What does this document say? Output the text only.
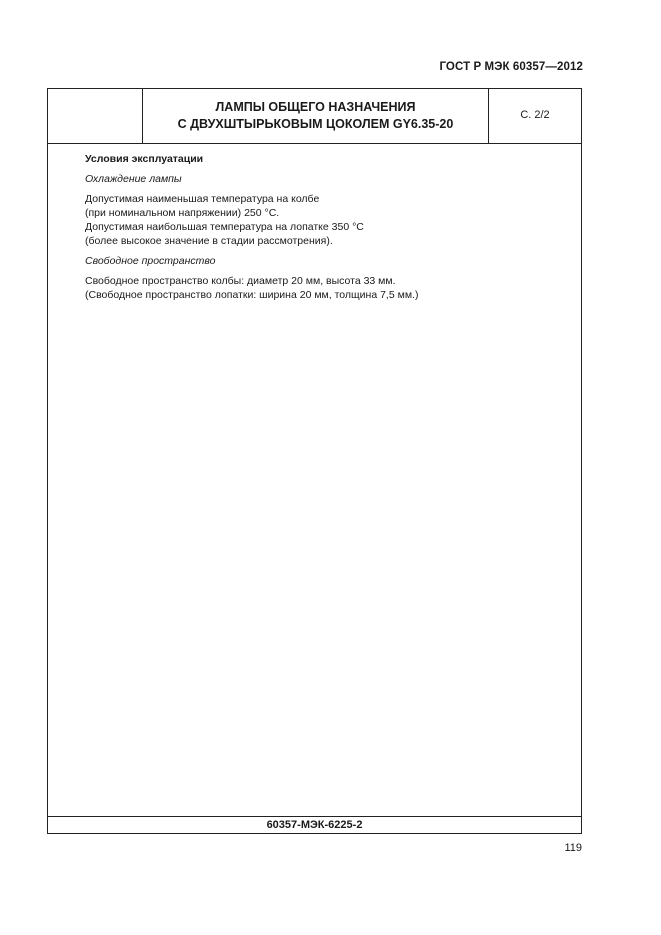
ГОСТ Р МЭК 60357—2012
ЛАМПЫ ОБЩЕГО НАЗНАЧЕНИЯ
С ДВУХШТЫРЬКОВЫМ ЦОКОЛЕМ GY6.35-20
С. 2/2
Условия эксплуатации
Охлаждение лампы
Допустимая наименьшая температура на колбе
(при номинальном напряжении) 250 °С.
Допустимая наибольшая температура на лопатке 350 °С
(более высокое значение в стадии рассмотрения).
Свободное пространство
Свободное пространство колбы: диаметр 20 мм, высота 33 мм.
(Свободное пространство лопатки: ширина 20 мм, толщина 7,5 мм.)
60357-МЭК-6225-2
119
